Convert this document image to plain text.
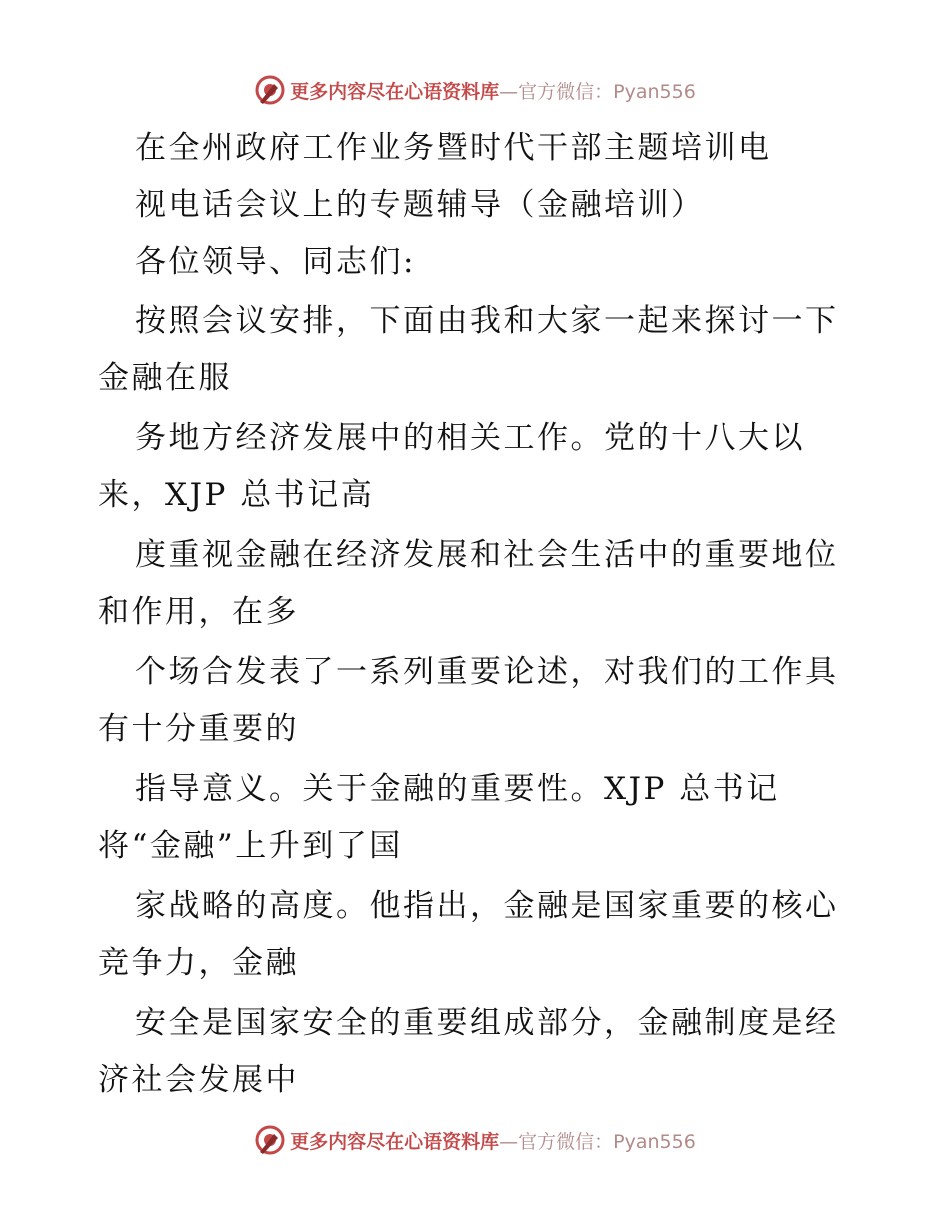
更多内容尽在心语资料库—官方微信：Pyan556
在全州政府工作业务暨时代干部主题培训电
视电话会议上的专题辅导（金融培训）
各位领导、同志们:
按照会议安排，下面由我和大家一起来探讨一下
金融在服
务地方经济发展中的相关工作。党的十八大以
来，XJP 总书记高
度重视金融在经济发展和社会生活中的重要地位
和作用，在多
个场合发表了一系列重要论述，对我们的工作具
有十分重要的
指导意义。关于金融的重要性。XJP 总书记
将“金融”上升到了国
家战略的高度。他指出，金融是国家重要的核心
竞争力，金融
安全是国家安全的重要组成部分，金融制度是经
济社会发展中
更多内容尽在心语资料库—官方微信：Pyan556
